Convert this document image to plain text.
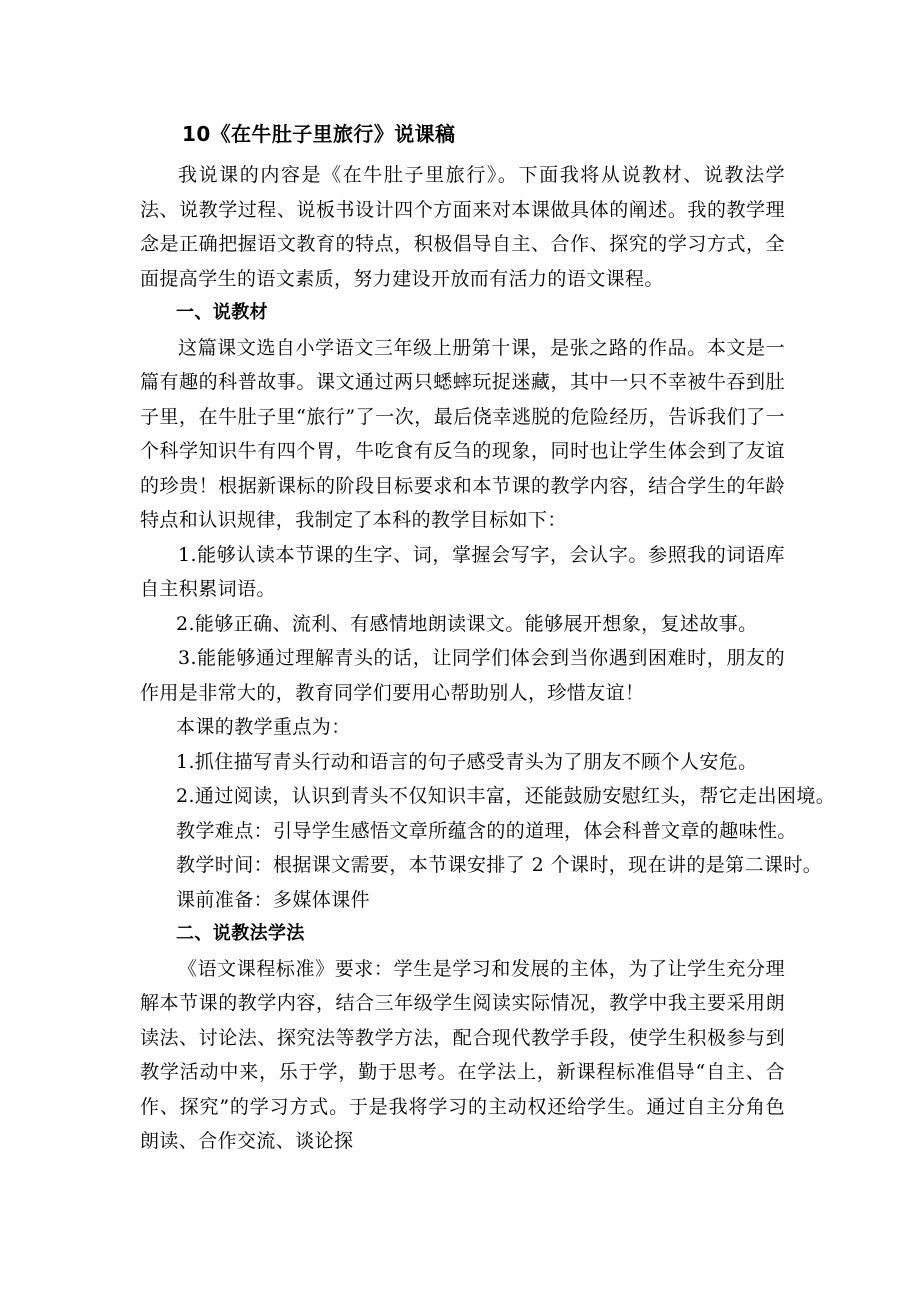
10《在牛肚子里旅行》说课稿

我说课的内容是《在牛肚子里旅行》。下面我将从说教材、说教法学法、说教学过程、说板书设计四个方面来对本课做具体的阐述。我的教学理念是正确把握语文教育的特点，积极倡导自主、合作、探究的学习方式，全面提高学生的语文素质，努力建设开放而有活力的语文课程。

一、说教材

这篇课文选自小学语文三年级上册第十课，是张之路的作品。本文是一篇有趣的科普故事。课文通过两只蟋蟀玩捉迷藏，其中一只不幸被牛吞到肚子里，在牛肚子里“旅行”了一次，最后侥幸逃脱的危险经历，告诉我们了一个科学知识牛有四个胃，牛吃食有反刍的现象，同时也让学生体会到了友谊的珍贵！根据新课标的阶段目标要求和本节课的教学内容，结合学生的年龄特点和认识规律，我制定了本科的教学目标如下：

1.能够认读本节课的生字、词，掌握会写字，会认字。参照我的词语库自主积累词语。

2.能够正确、流利、有感情地朗读课文。能够展开想象，复述故事。

3.能能够通过理解青头的话，让同学们体会到当你遇到困难时，朋友的作用是非常大的，教育同学们要用心帮助别人，珍惜友谊！

本课的教学重点为：
1.抓住描写青头行动和语言的句子感受青头为了朋友不顾个人安危。
2.通过阅读，认识到青头不仅知识丰富，还能鼓励安慰红头，帮它走出困境。
教学难点：引导学生感悟文章所蕴含的的道理，体会科普文章的趣味性。
教学时间：根据课文需要，本节课安排了 2 个课时，现在讲的是第二课时。
课前准备：多媒体课件
二、说教法学法

《语文课程标准》要求：学生是学习和发展的主体，为了让学生充分理解本节课的教学内容，结合三年级学生阅读实际情况，教学中我主要采用朗读法、讨论法、探究法等教学方法，配合现代教学手段，使学生积极参与到教学活动中来，乐于学，勤于思考。在学法上，新课程标准倡导“自主、合作、探究”的学习方式。于是我将学习的主动权还给学生。通过自主分角色朗读、合作交流、谈论探
